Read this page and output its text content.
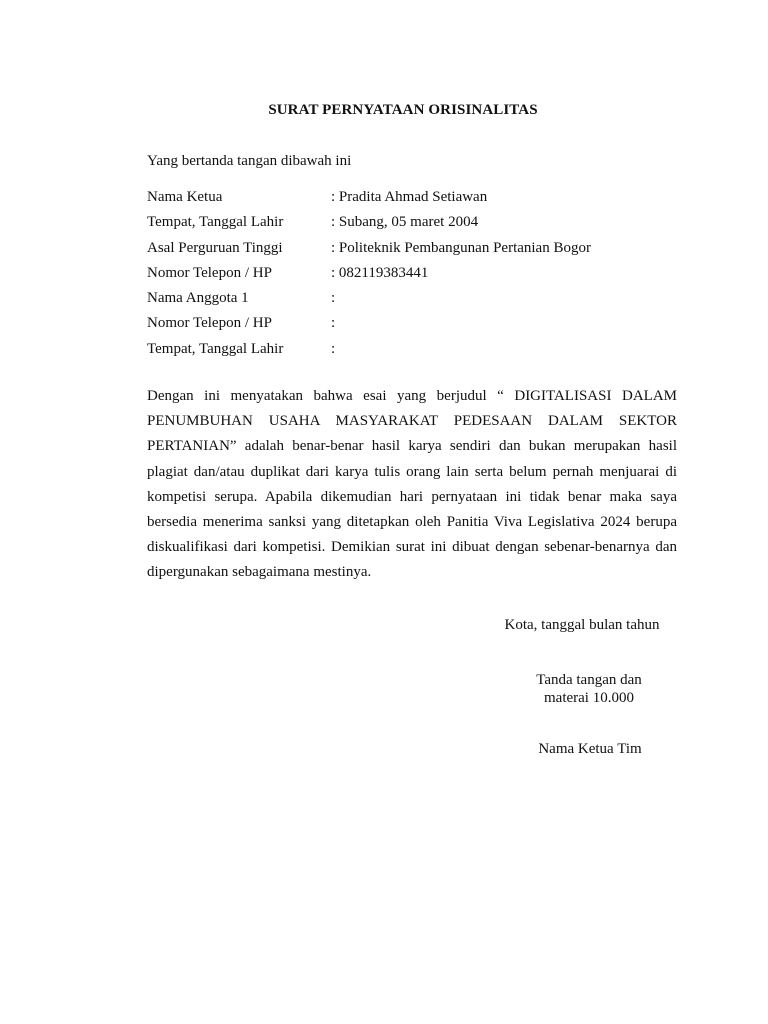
SURAT PERNYATAAN ORISINALITAS
Yang bertanda tangan dibawah ini
Nama Ketua	: Pradita Ahmad Setiawan
Tempat, Tanggal Lahir	: Subang, 05 maret 2004
Asal Perguruan Tinggi	: Politeknik Pembangunan Pertanian Bogor
Nomor Telepon / HP	: 082119383441
Nama Anggota 1	:
Nomor Telepon / HP	:
Tempat, Tanggal Lahir	:
Dengan ini menyatakan bahwa esai yang berjudul “ DIGITALISASI DALAM PENUMBUHAN USAHA MASYARAKAT PEDESAAN DALAM SEKTOR PERTANIAN” adalah benar-benar hasil karya sendiri dan bukan merupakan hasil plagiat dan/atau duplikat dari karya tulis orang lain serta belum pernah menjuarai di kompetisi serupa. Apabila dikemudian hari pernyataan ini tidak benar maka saya bersedia menerima sanksi yang ditetapkan oleh Panitia Viva Legislativa 2024 berupa diskualifikasi dari kompetisi. Demikian surat ini dibuat dengan sebenar-benarnya dan dipergunakan sebagaimana mestinya.
Kota, tanggal bulan tahun
Tanda tangan dan
materai 10.000
Nama Ketua Tim
